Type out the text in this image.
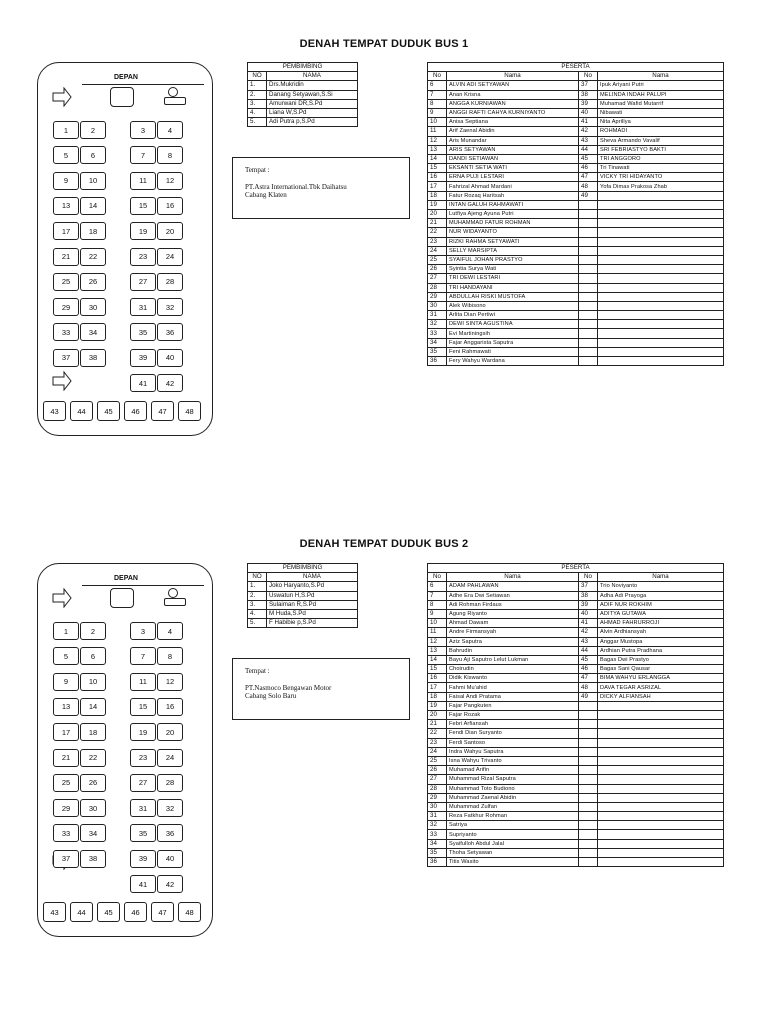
DENAH TEMPAT DUDUK BUS 1
DEPAN
1	2	3	4
5	6	7	8
9	10	11	12
13	14	15	16
17	18	19	20
21	22	23	24
25	26	27	28
29	30	31	32
33	34	35	36
37	38	39	40
41	42
43	44	45	46	47	48
PEMBIMBING	
NO	NAMA
1.	Drs.Mukridin
2.	Danang Setyawan,S.Si
3.	Amurwani DR,S.Pd
4.	Liana W,S.Pd
5.	Adi Putra p,S.Pd
Tempat :
PT.Astra International.Tbk Daihatsu
Cabang Klaten
PESERTA			
No	Nama	No	Nama
6	ALVIN ADI SETYAWAN	37	Ipuk Ariyani Putri
7	Anan Krisna	38	MELINDA INDAH PALUPI
8	ANGGA KURNIAWAN	39	Muhamad Wafid Mutarrif
9	ANGGI RAFTI CAHYA KURNIYANTO	40	Nibawati
10	Anisa Septiana	41	Nita Aprillya
11	Arif Zaenal Abidin	42	ROHMADI
12	Aris Munandar	43	Sheva Armando Vavalif
13	ARIS SETYAWAN	44	SRI FEBRIASTYO BAKTI
14	DANDI SETIAWAN	45	TRI ANGGORO
15	EKSANTI SETIA WATI	46	Tri Tinawati
16	ERNA PUJI LESTARI	47	VICKY TRI HIDAYANTO
17	Fahrizal Ahmad Mardani	48	Yofa Dimas Prakosa Zhab
18	Fatur Rozaq Haritsah	49	
19	INTAN GALUH RAHMAWATI		
20	Lutfiya Ajeng Ayuna Putri		
21	MUHAMMAD FATUR ROHMAN		
22	NUR WIDAYANTO		
23	RIZKI RAHMA SETYAWATI		
24	SELLY MARSIPTA		
25	SYAIFUL JOHAN PRASTYO		
26	Syintia Surya Wati		
27	TRI DEWI LESTARI		
28	TRI HANDAYANI		
29	ABDULLAH RISKI MUSTOFA		
30	Alek Wibisono		
31	Arlita Dian Pertiwi		
32	DEWI SINTA AGUSTINA		
33	Evi Martiningsih		
34	Fajar Anggarista Saputra		
35	Feni Rahmawati		
36	Fery Wahyu Wardana		
DENAH TEMPAT DUDUK BUS 2
DEPAN
1	2	3	4
5	6	7	8
9	10	11	12
13	14	15	16
17	18	19	20
21	22	23	24
25	26	27	28
29	30	31	32
33	34	35	36
37	38	39	40
41	42
43	44	45	46	47	48
PEMBIMBING	
NO	NAMA
1.	Joko Haryanto,S.Pd
2.	Uswatun H,S.Pd
3.	Sulaiman R,S.Pd
4.	M Huda,S.Pd
5.	F Habibie p,S.Pd
Tempat :
PT.Nasmoco Bengawan Motor
Cabang Solo Baru
PESERTA			
No	Nama	No	Nama
6	ADAM PAHLAWAN	37	Trio Noviyanto
7	Adhe Era Dwi Setiawan	38	Adha Adi Prayoga
8	Adi Rohman Firdaus	39	ADIF NUR ROKHIM
9	Agung Riyanto	40	ADITYA GUTAWA
10	Ahmad Dawam	41	AHMAD FAHRURROJI
11	Andre Firmansyah	42	Alvin Ardhiansyah
12	Aziz Saputra	43	Anggar Mustopa
13	Bahrudin	44	Ardhian Putra Pradhana
14	Bayu Aji Saputro Lelut Lukman	45	Bagas Dwi Prastyo
15	Choirudin	46	Bagas Sani Qausar
16	Didik Kiswanto	47	BIMA WAHYU ERLANGGA
17	Fahmi Mu'ahid	48	DAVA TEGAR ASRIZAL
18	Faisal Andi Pratama	49	DICKY ALFIANSAH
19	Fajar Pangkuten		
20	Fajar Rozak		
21	Febri Arfiansah		
22	Fendi Dian Suryanto		
23	Ferdi Santoso		
24	Indra Wahyu Saputra		
25	Isna Wahyu Trivanto		
26	Muhamad Arifin		
27	Muhammad Rizal Saputra		
28	Muhammad Toto Budiono		
29	Muhammad Zaenal Abidin		
30	Muhammad Zulfan		
31	Reza Fatkhur Rohman		
32	Satriya		
33	Supriyanto		
34	Syaifulloh Abdul Jalal		
35	Thoha Setyawan		
36	Titis Wasito		
